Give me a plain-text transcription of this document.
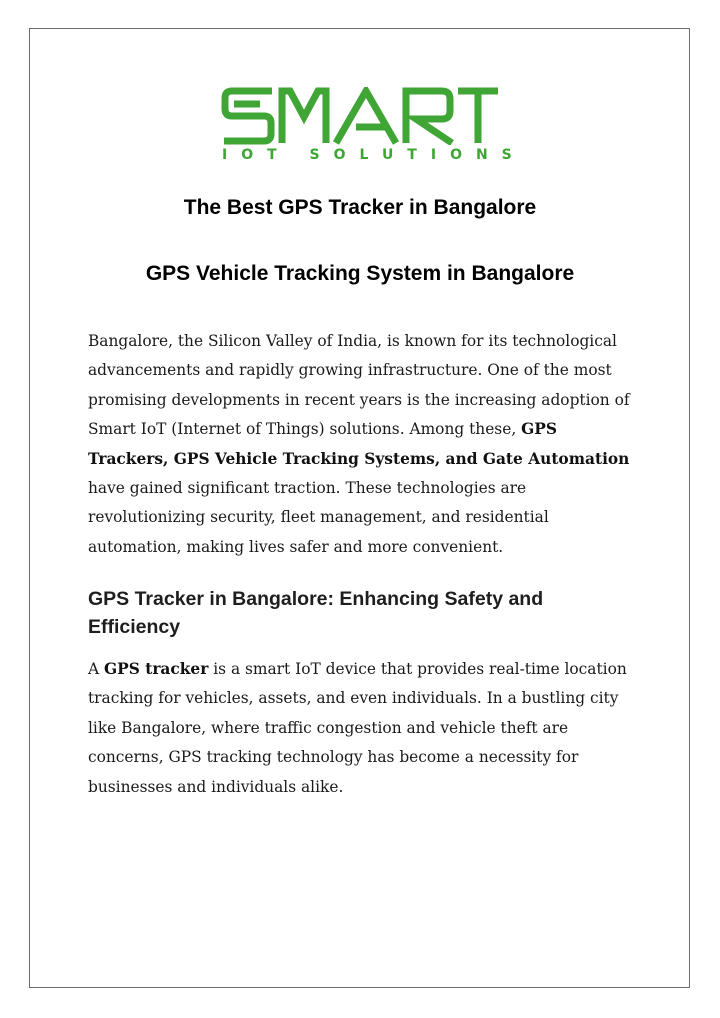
IOT SOLUTIONS
The Best GPS Tracker in Bangalore
GPS Vehicle Tracking System in Bangalore

Bangalore, the Silicon Valley of India, is known for its technological advancements and rapidly growing infrastructure. One of the most promising developments in recent years is the increasing adoption of Smart IoT (Internet of Things) solutions. Among these, GPS Trackers, GPS Vehicle Tracking Systems, and Gate Automation have gained significant traction. These technologies are revolutionizing security, fleet management, and residential automation, making lives safer and more convenient.

GPS Tracker in Bangalore: Enhancing Safety and Efficiency

A GPS tracker is a smart IoT device that provides real-time location tracking for vehicles, assets, and even individuals. In a bustling city like Bangalore, where traffic congestion and vehicle theft are concerns, GPS tracking technology has become a necessity for businesses and individuals alike.
